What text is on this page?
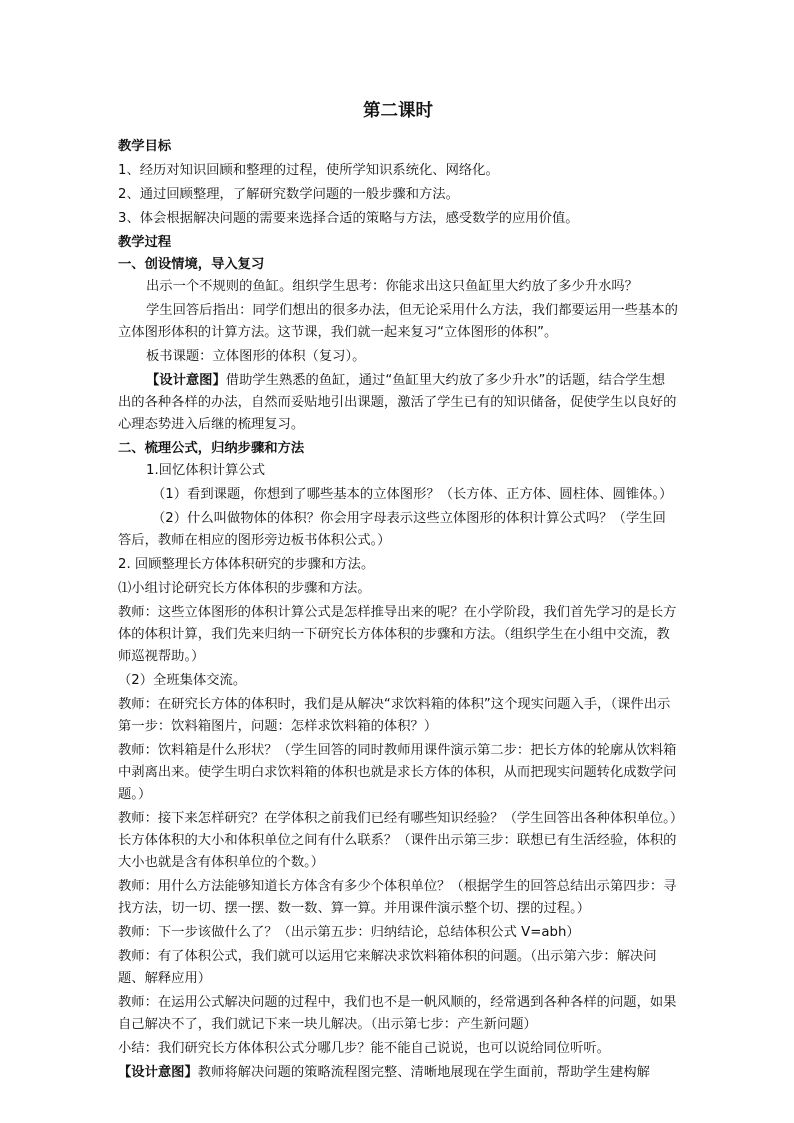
第二课时

教学目标

1、经历对知识回顾和整理的过程，使所学知识系统化、网络化。

2、通过回顾整理，了解研究数学问题的一般步骤和方法。

3、体会根据解决问题的需要来选择合适的策略与方法，感受数学的应用价值。

教学过程

一、创设情境，导入复习

出示一个不规则的鱼缸。组织学生思考：你能求出这只鱼缸里大约放了多少升水吗？

学生回答后指出：同学们想出的很多办法，但无论采用什么方法，我们都要运用一些基本的立体图形体积的计算方法。这节课，我们就一起来复习“立体图形的体积”。

板书课题：立体图形的体积（复习）。

【设计意图】借助学生熟悉的鱼缸，通过“鱼缸里大约放了多少升水”的话题，结合学生想出的各种各样的办法，自然而妥贴地引出课题，激活了学生已有的知识储备，促使学生以良好的心理态势进入后继的梳理复习。

二、梳理公式，归纳步骤和方法

1.回忆体积计算公式

（1）看到课题，你想到了哪些基本的立体图形？（长方体、正方体、圆柱体、圆锥体。）

（2）什么叫做物体的体积？你会用字母表示这些立体图形的体积计算公式吗？（学生回答后，教师在相应的图形旁边板书体积公式。）

2. 回顾整理长方体体积研究的步骤和方法。

⑴小组讨论研究长方体体积的步骤和方法。

教师：这些立体图形的体积计算公式是怎样推导出来的呢？在小学阶段，我们首先学习的是长方体的体积计算，我们先来归纳一下研究长方体体积的步骤和方法。（组织学生在小组中交流，教师巡视帮助。）

（2）全班集体交流。

教师：在研究长方体的体积时，我们是从解决“求饮料箱的体积”这个现实问题入手，（课件出示第一步：饮料箱图片，问题：怎样求饮料箱的体积？）

教师：饮料箱是什么形状？（学生回答的同时教师用课件演示第二步：把长方体的轮廓从饮料箱中剥离出来。使学生明白求饮料箱的体积也就是求长方体的体积，从而把现实问题转化成数学问题。）

教师：接下来怎样研究？在学体积之前我们已经有哪些知识经验？（学生回答出各种体积单位。）长方体体积的大小和体积单位之间有什么联系？（课件出示第三步：联想已有生活经验，体积的大小也就是含有体积单位的个数。）

教师：用什么方法能够知道长方体含有多少个体积单位？（根据学生的回答总结出示第四步：寻找方法，切一切、摆一摆、数一数、算一算。并用课件演示整个切、摆的过程。）

教师：下一步该做什么了？（出示第五步：归纳结论，总结体积公式 V=abh）

教师：有了体积公式，我们就可以运用它来解决求饮料箱体积的问题。（出示第六步：解决问题、解释应用）

教师：在运用公式解决问题的过程中，我们也不是一帆风顺的，经常遇到各种各样的问题，如果自己解决不了，我们就记下来一块儿解决。（出示第七步：产生新问题）

小结：我们研究长方体体积公式分哪几步？能不能自己说说，也可以说给同位听听。

【设计意图】教师将解决问题的策略流程图完整、清晰地展现在学生面前，帮助学生建构解
